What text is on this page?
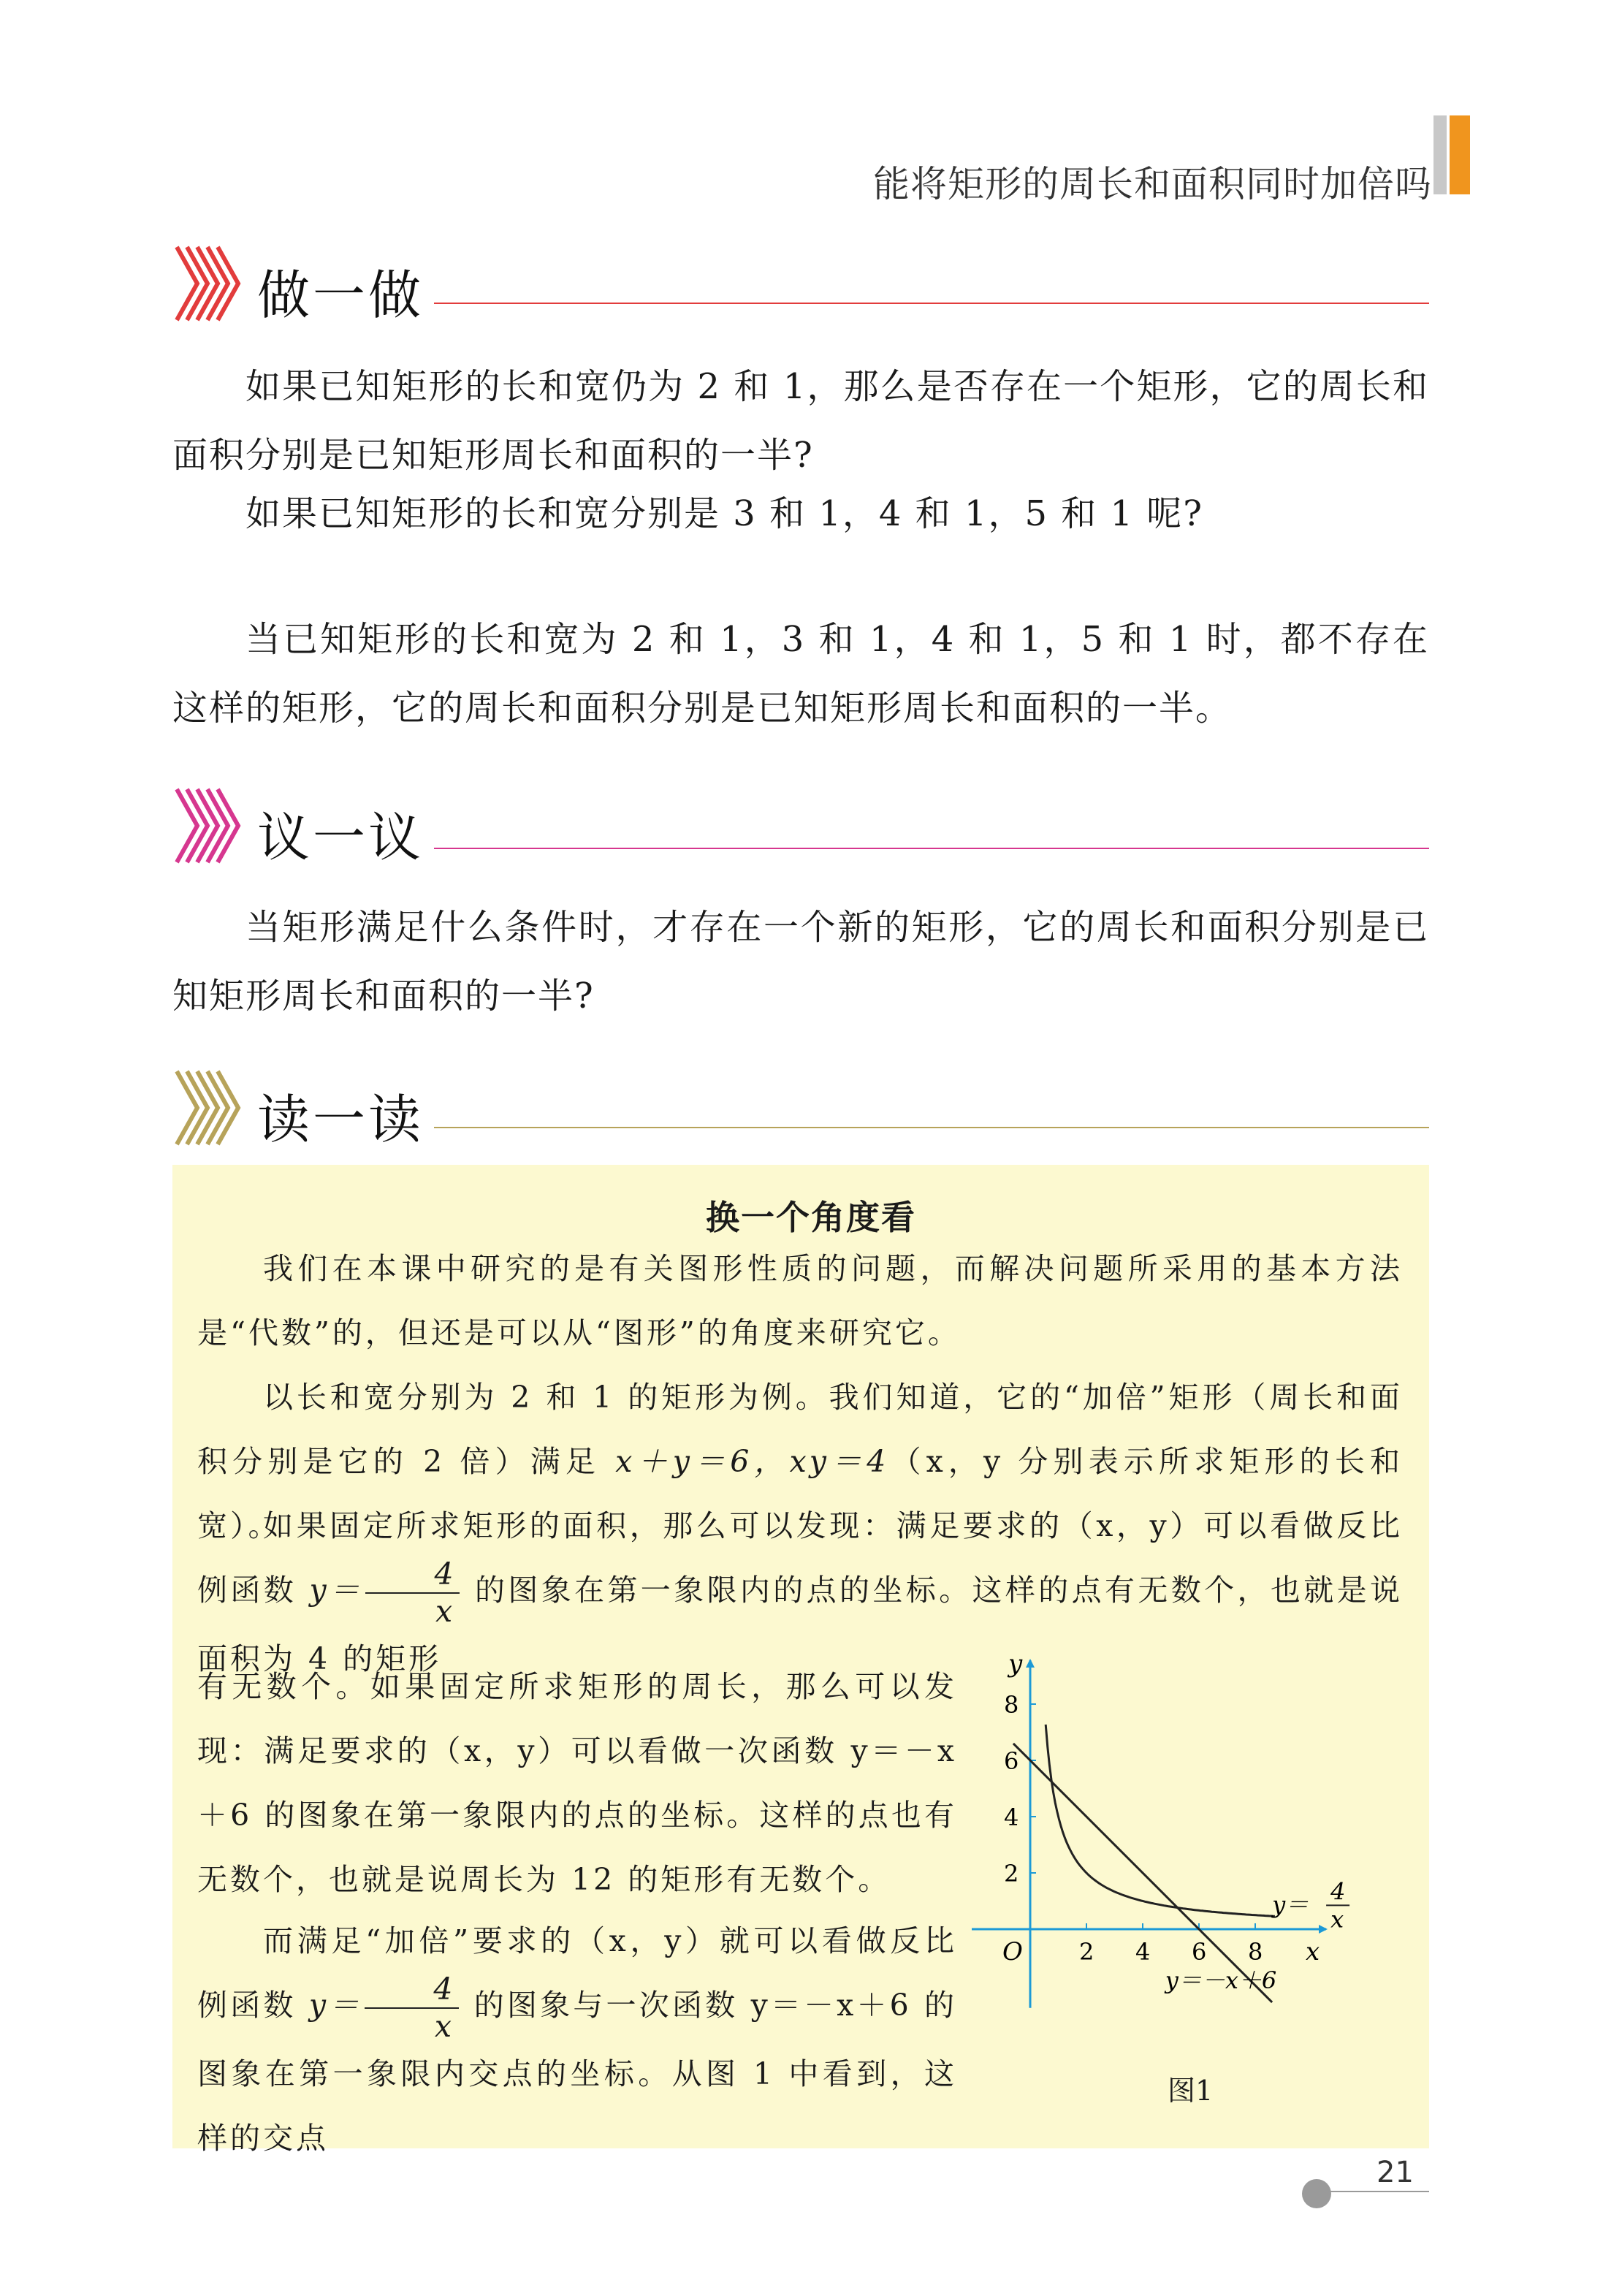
能将矩形的周长和面积同时加倍吗
做一做
如果已知矩形的长和宽仍为 2 和 1，那么是否存在一个矩形，它的周长和面积分别是已知矩形周长和面积的一半?
如果已知矩形的长和宽分别是 3 和 1，4 和 1，5 和 1 呢?
当已知矩形的长和宽为 2 和 1，3 和 1，4 和 1，5 和 1 时，都不存在这样的矩形，它的周长和面积分别是已知矩形周长和面积的一半。
议一议
当矩形满足什么条件时，才存在一个新的矩形，它的周长和面积分别是已知矩形周长和面积的一半?
读一读
换一个角度看
我们在本课中研究的是有关图形性质的问题，而解决问题所采用的基本方法是“代数”的，但还是可以从“图形”的角度来研究它。
以长和宽分别为 2 和 1 的矩形为例。我们知道，它的“加倍”矩形（周长和面积分别是它的 2 倍）满足 x＋y＝6，xy＝4（x，y 分别表示所求矩形的长和宽）。
如果固定所求矩形的面积，那么可以发现：满足要求的（x，y）可以看做反比例函数 $y= \frac{4}{x}$ 的图象在第一象限内的点的坐标。这样的点有无数个，也就是说面积为 4 的矩形
有无数个。如果固定所求矩形的周长，那么可以发现：满足要求的（x，y）可以看做一次函数 y＝－x＋6 的图象在第一象限内的点的坐标。这样的点也有无数个，也就是说周长为 12 的矩形有无数个。
而满足“加倍”要求的（x，y）就可以看做反比例函数 $y= \frac{4}{x}$ 的图象与一次函数 y＝－x＋6 的图象在第一象限内交点的坐标。从图 1 中看到，这样的交点
2 4 6 8
2
4
6
8
y
x
O
y＝ 4
x
y＝－x＋6
图1
21
